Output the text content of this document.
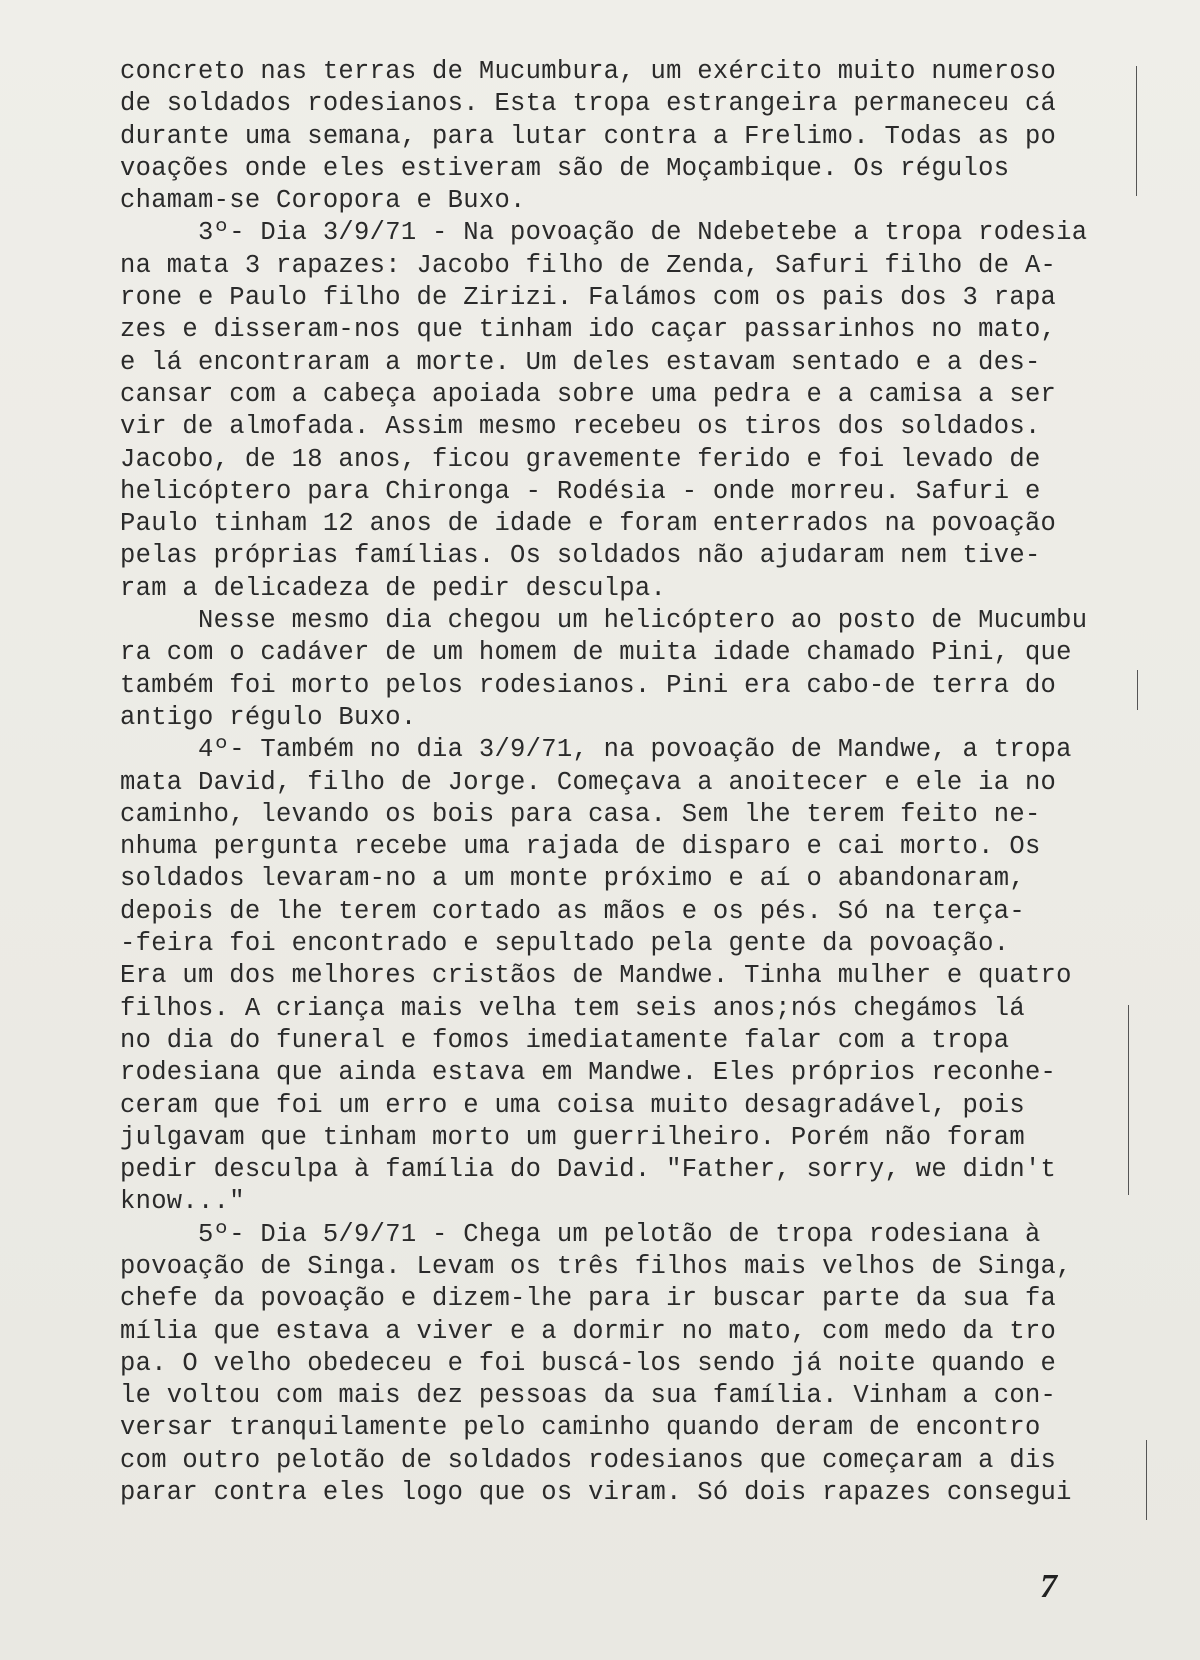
concreto nas terras de Mucumbura, um exército muito numeroso
de soldados rodesianos. Esta tropa estrangeira permaneceu cá
durante uma semana, para lutar contra a Frelimo. Todas as po
voações onde eles estiveram são de Moçambique. Os régulos
chamam-se Coropora e Buxo.
3º- Dia 3/9/71 - Na povoação de Ndebetebe a tropa rodesia
na mata 3 rapazes: Jacobo filho de Zenda, Safuri filho de A-
rone e Paulo filho de Zirizi. Falámos com os pais dos 3 rapa
zes e disseram-nos que tinham ido caçar passarinhos no mato,
e lá encontraram a morte. Um deles estavam sentado e a des-
cansar com a cabeça apoiada sobre uma pedra e a camisa a ser
vir de almofada. Assim mesmo recebeu os tiros dos soldados.
Jacobo, de 18 anos, ficou gravemente ferido e foi levado de
helicóptero para Chironga - Rodésia - onde morreu. Safuri e
Paulo tinham 12 anos de idade e foram enterrados na povoação
pelas próprias famílias. Os soldados não ajudaram nem tive-
ram a delicadeza de pedir desculpa.
Nesse mesmo dia chegou um helicóptero ao posto de Mucumbu
ra com o cadáver de um homem de muita idade chamado Pini, que
também foi morto pelos rodesianos. Pini era cabo-de terra do
antigo régulo Buxo.
4º- Também no dia 3/9/71, na povoação de Mandwe, a tropa
mata David, filho de Jorge. Começava a anoitecer e ele ia no
caminho, levando os bois para casa. Sem lhe terem feito ne-
nhuma pergunta recebe uma rajada de disparo e cai morto. Os
soldados levaram-no a um monte próximo e aí o abandonaram,
depois de lhe terem cortado as mãos e os pés. Só na terça-
-feira foi encontrado e sepultado pela gente da povoação.
Era um dos melhores cristãos de Mandwe. Tinha mulher e quatro
filhos. A criança mais velha tem seis anos;nós chegámos lá
no dia do funeral e fomos imediatamente falar com a tropa
rodesiana que ainda estava em Mandwe. Eles próprios reconhe-
ceram que foi um erro e uma coisa muito desagradável, pois
julgavam que tinham morto um guerrilheiro. Porém não foram
pedir desculpa à família do David. "Father, sorry, we didn't
know..."
5º- Dia 5/9/71 - Chega um pelotão de tropa rodesiana à
povoação de Singa. Levam os três filhos mais velhos de Singa,
chefe da povoação e dizem-lhe para ir buscar parte da sua fa
mília que estava a viver e a dormir no mato, com medo da tro
pa. O velho obedeceu e foi buscá-los sendo já noite quando e
le voltou com mais dez pessoas da sua família. Vinham a con-
versar tranquilamente pelo caminho quando deram de encontro
com outro pelotão de soldados rodesianos que começaram a dis
parar contra eles logo que os viram. Só dois rapazes consegui
7
